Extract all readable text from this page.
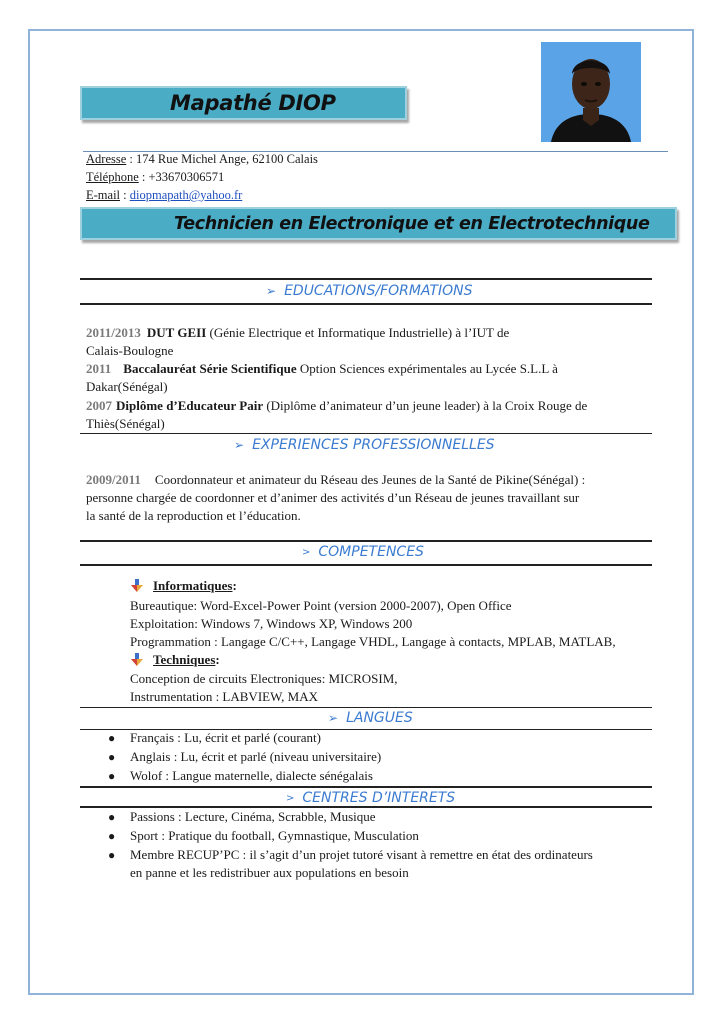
Mapathé DIOP
Adresse : 174 Rue Michel Ange, 62100 Calais
Téléphone : +33670306571
E-mail : diopmapath@yahoo.fr
Technicien en Electronique et en Electrotechnique
➢ EDUCATIONS/FORMATIONS
2011/2013 DUT GEII (Génie Electrique et Informatique Industrielle) à l’IUT de
Calais-Boulogne
2011 Baccalauréat Série Scientifique Option Sciences expérimentales au Lycée S.L.L à
Dakar(Sénégal)
2007 Diplôme d’Educateur Pair (Diplôme d’animateur d’un jeune leader) à la Croix Rouge de
Thiès(Sénégal)
➢ EXPERIENCES PROFESSIONNELLES
2009/2011 Coordonnateur et animateur du Réseau des Jeunes de la Santé de Pikine(Sénégal) :
personne chargée de coordonner et d’animer des activités d’un Réseau de jeunes travaillant sur
la santé de la reproduction et l’éducation.
> COMPETENCES
Informatiques :
Bureautique: Word-Excel-Power Point (version 2000-2007), Open Office
Exploitation: Windows 7, Windows XP, Windows 200
Programmation : Langage C/C++, Langage VHDL, Langage à contacts, MPLAB, MATLAB,
Techniques :
Conception de circuits Electroniques: MICROSIM,
Instrumentation : LABVIEW, MAX
➢ LANGUES
●	Français : Lu, écrit et parlé (courant)
●	Anglais : Lu, écrit et parlé (niveau universitaire)
●	Wolof : Langue maternelle, dialecte sénégalais
> CENTRES D’INTERETS
●	Passions : Lecture, Cinéma, Scrabble, Musique
●	Sport : Pratique du football, Gymnastique, Musculation
●	Membre RECUP’PC : il s’agit d’un projet tutoré visant à remettre en état des ordinateurs
en panne et les redistribuer aux populations en besoin
